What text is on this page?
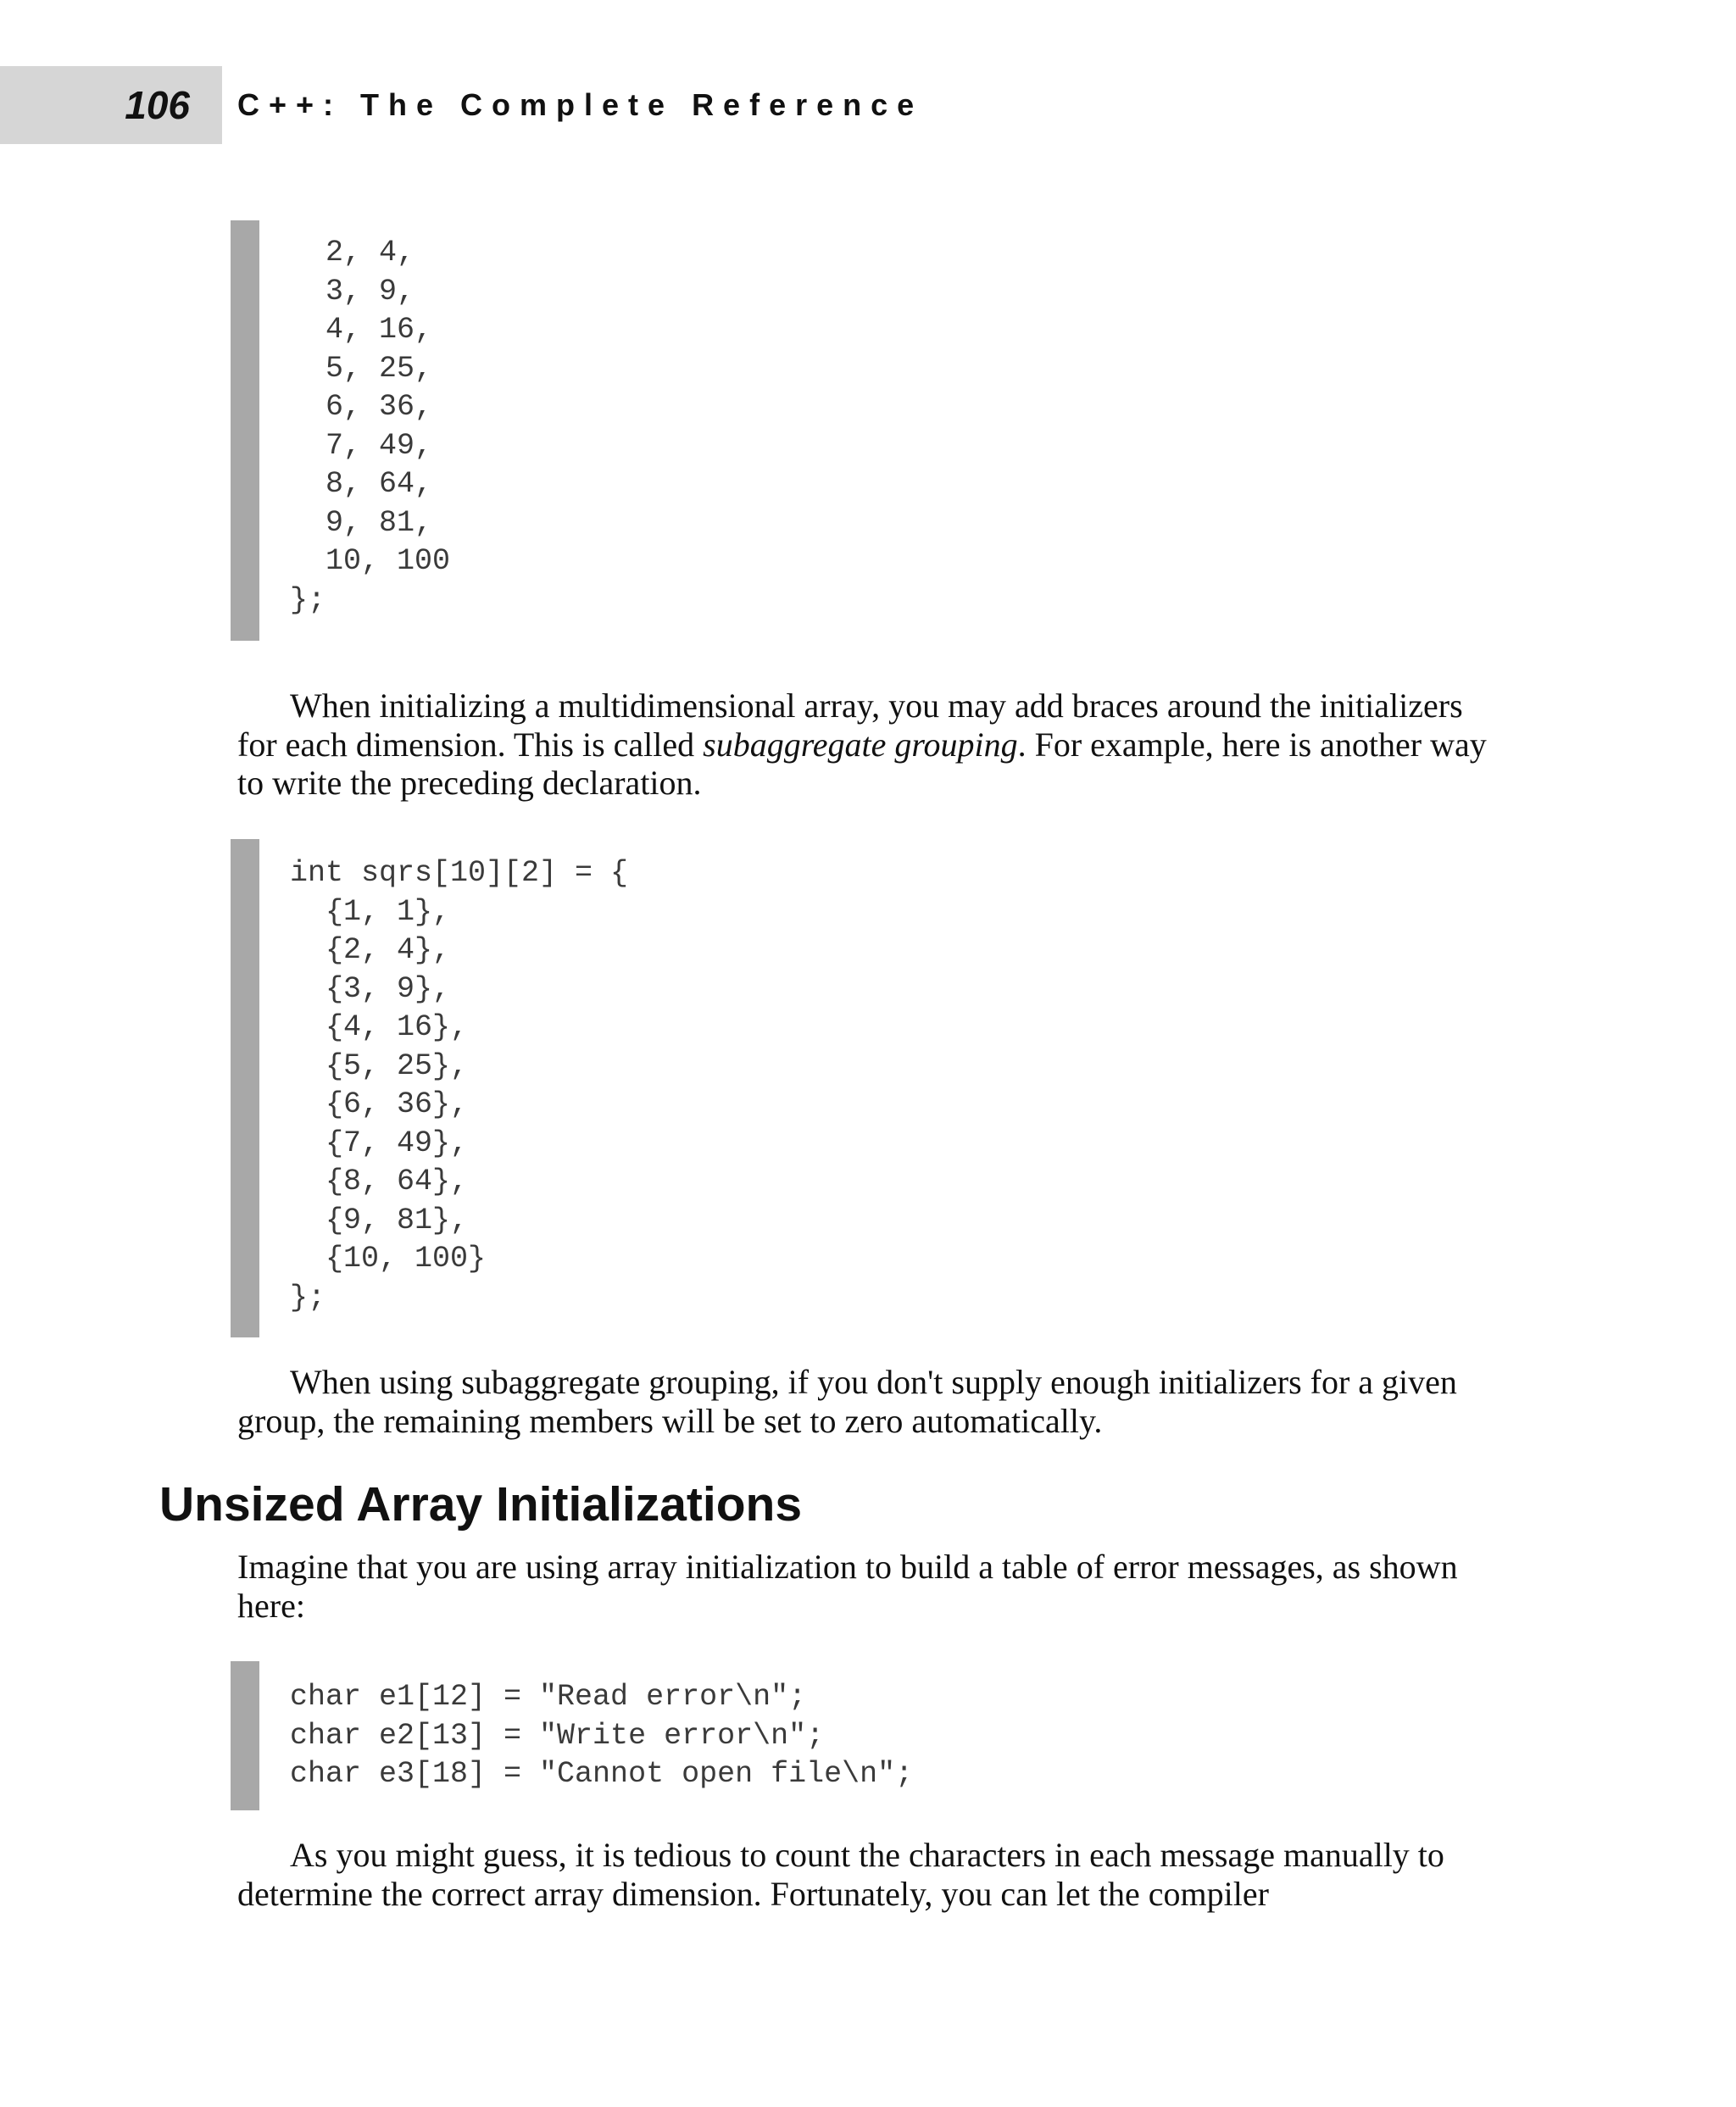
106 C++: The Complete Reference
2, 4,
3, 9,
4, 16,
5, 25,
6, 36,
7, 49,
8, 64,
9, 81,
10, 100
};
When initializing a multidimensional array, you may add braces around the initializers for each dimension. This is called subaggregate grouping. For example, here is another way to write the preceding declaration.
int sqrs[10][2] = {
{1, 1},
{2, 4},
{3, 9},
{4, 16},
{5, 25},
{6, 36},
{7, 49},
{8, 64},
{9, 81},
{10, 100}
};
When using subaggregate grouping, if you don't supply enough initializers for a given group, the remaining members will be set to zero automatically.
Unsized Array Initializations
Imagine that you are using array initialization to build a table of error messages, as shown here:
char e1[12] = "Read error\n";
char e2[13] = "Write error\n";
char e3[18] = "Cannot open file\n";
As you might guess, it is tedious to count the characters in each message manually to determine the correct array dimension. Fortunately, you can let the compiler
